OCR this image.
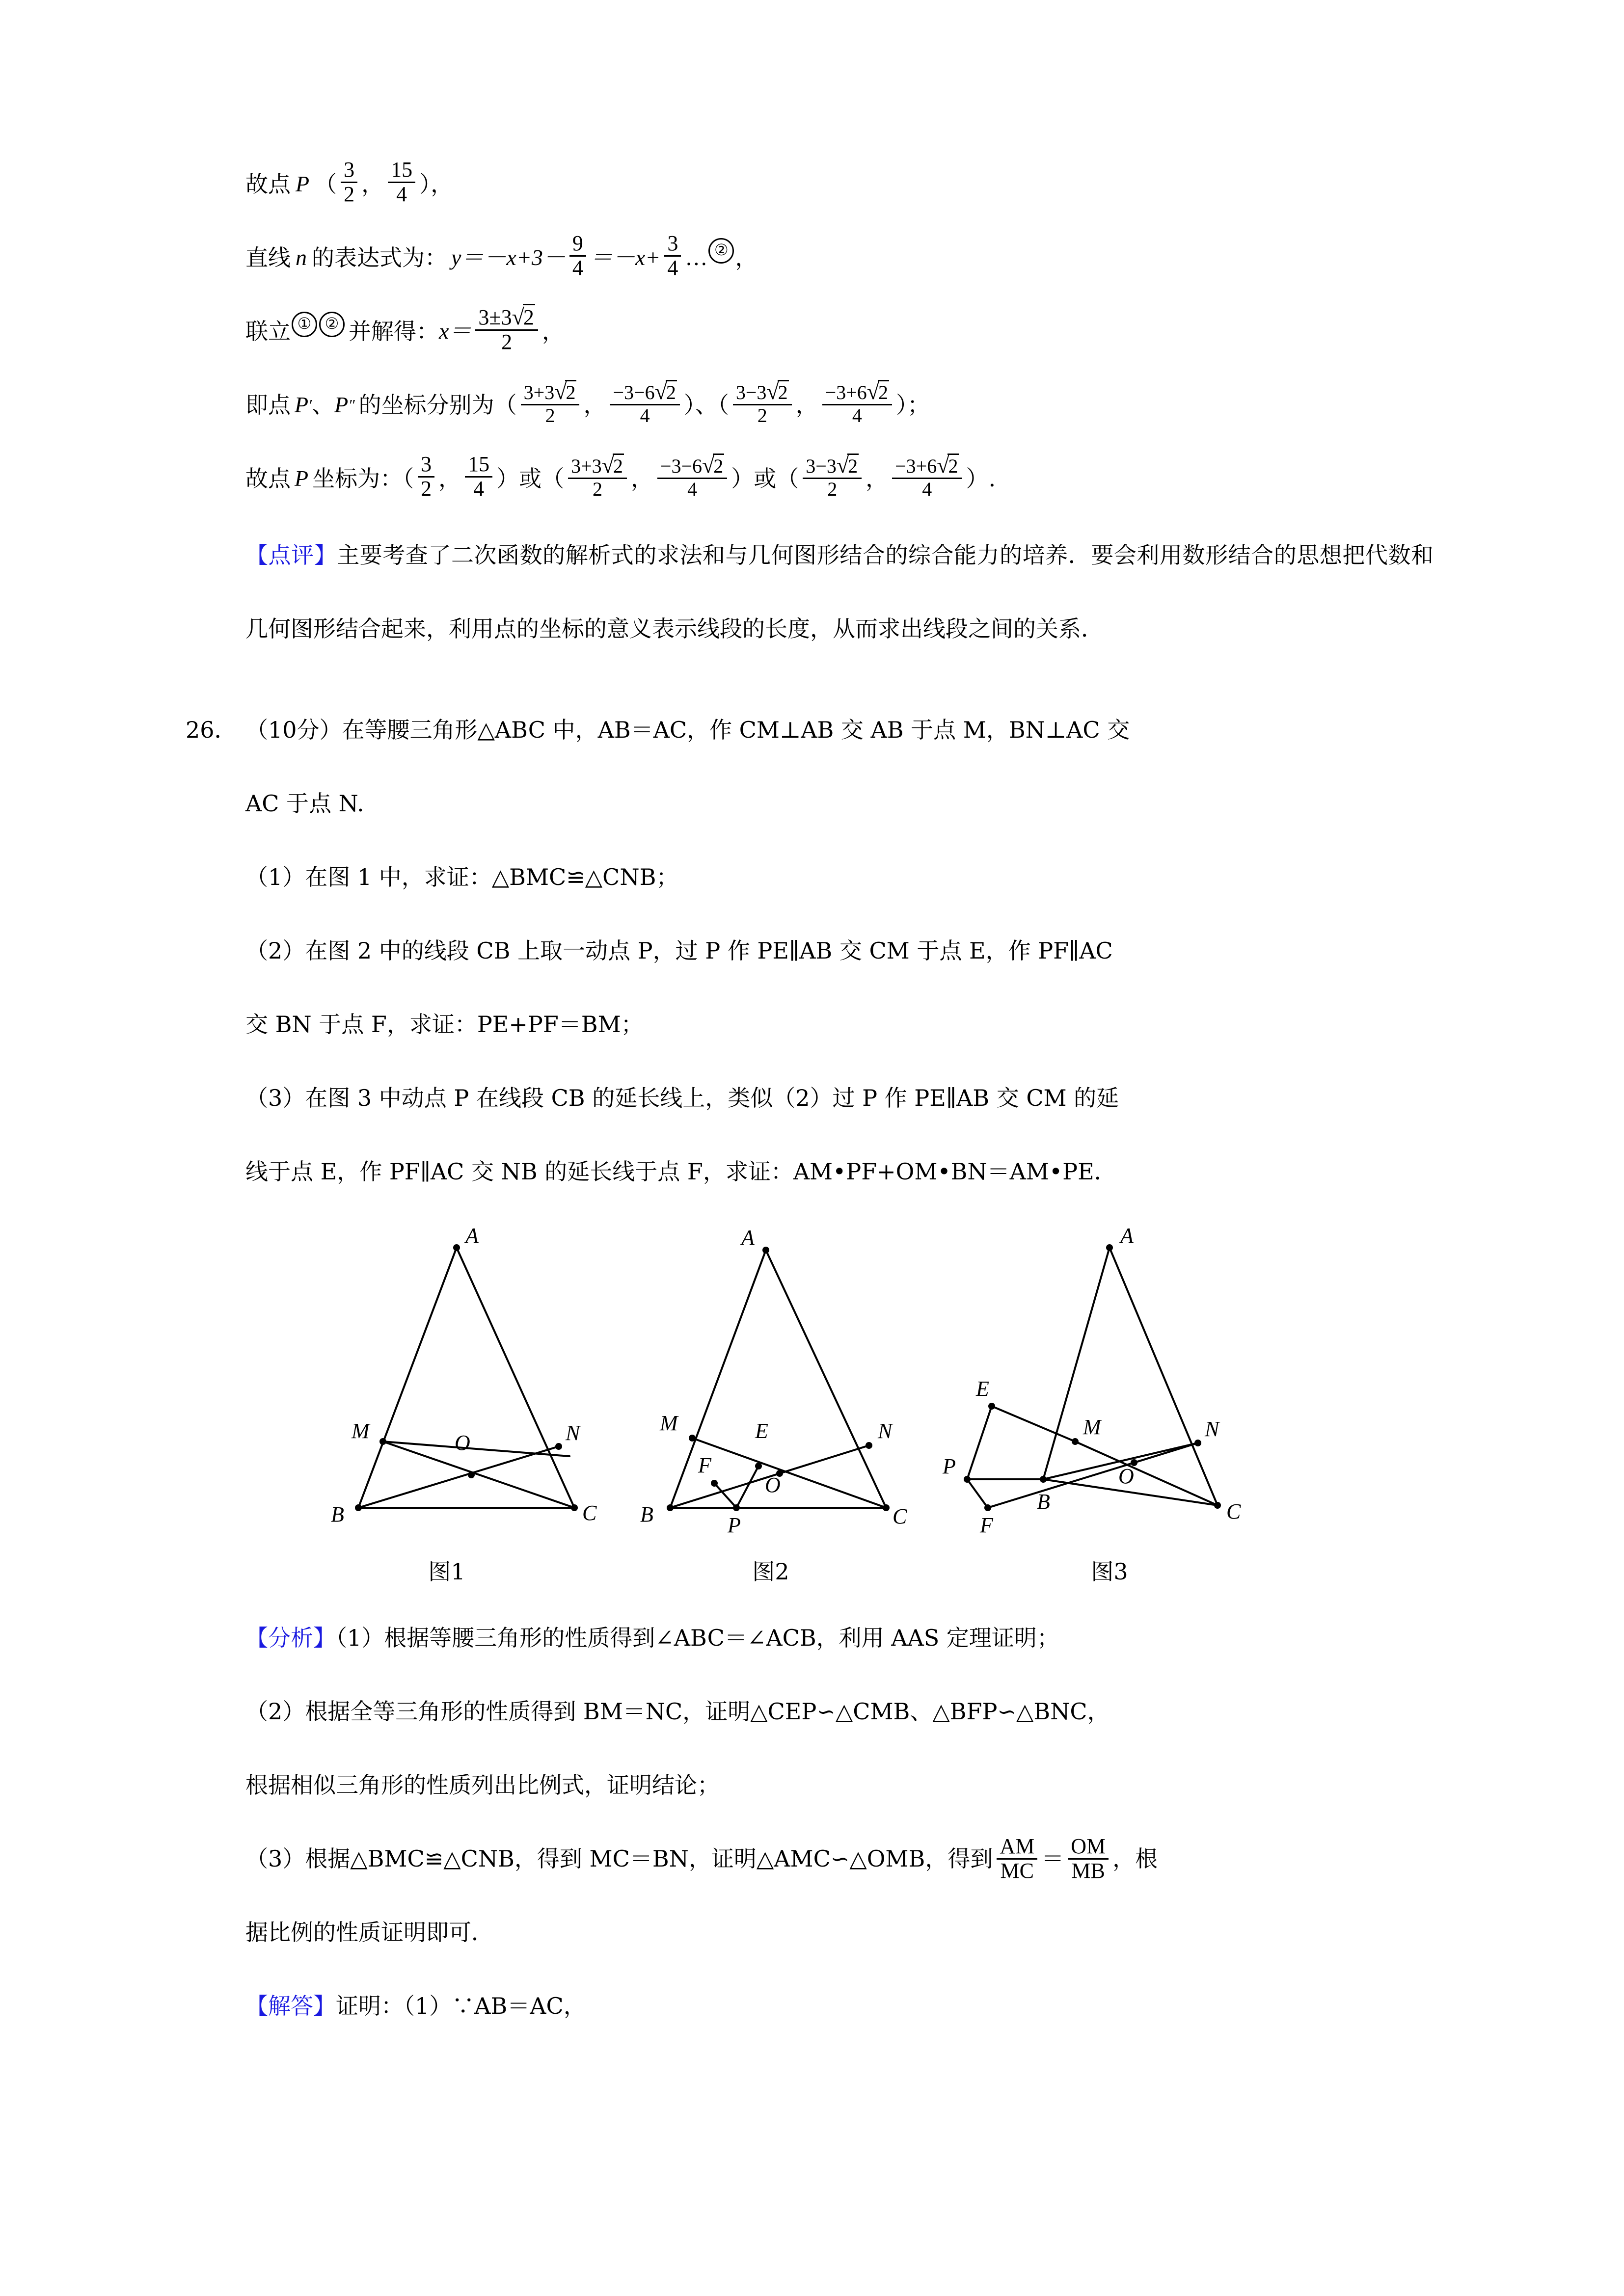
故点 P （ $\frac{3}{2}$ ， $\frac{15}{4}$ ），
直线 n 的表达式为： $y=-x+3- \frac{9}{4} =-x+ \frac{3}{4}$ … ② ，
联立 ① ② 并解得： $x= \frac{3\pm 3√2}{2}$ ，
即点 P ′ 、 P ″ 的坐标分别为（ $\frac{3+3√2}{2}$ ， $\frac{-3-6√2}{4}$ ）、（ $\frac{3-3√2}{2}$ ， $\frac{-3+6√2}{4}$ ）；
故点 P 坐标为：（ $\frac{3}{2}$ ， $\frac{15}{4}$ ）或（ $\frac{3+3√2}{2}$ ， $\frac{-3-6√2}{4}$ ）或（ $\frac{3-3√2}{2}$ ， $\frac{-3+6√2}{4}$ ）.
【点评】主要考查了二次函数的解析式的求法和与几何图形结合的综合能力的培养．要会利用数形结合的思想把代数和几何图形结合起来，利用点的坐标的意义表示线段的长度，从而求出线段之间的关系．
26． （10分）在等腰三角形△ABC 中，AB＝AC，作 CM⊥AB 交 AB 于点 M，BN⊥AC 交
AC 于点 N.
（1）在图 1 中，求证：△BMC≌△CNB；
（2）在图 2 中的线段 CB 上取一动点 P，过 P 作 PE∥AB 交 CM 于点 E，作 PF∥AC
交 BN 于点 F，求证：PE+PF＝BM；
（3）在图 3 中动点 P 在线段 CB 的延长线上，类似（2）过 P 作 PE∥AB 交 CM 的延
线于点 E，作 PF∥AC 交 NB 的延长线于点 F，求证：AM•PF+OM•BN＝AM•PE．
A
B	C
M	N
O
图1
A
B	C
M	N
O
E
F
P
图2
A
B	C
M	N
O
E
F
P
图3
【分析】（1）根据等腰三角形的性质得到∠ABC＝∠ACB，利用 AAS 定理证明；
（2）根据全等三角形的性质得到 BM＝NC，证明△CEP∽△CMB、△BFP∽△BNC，
根据相似三角形的性质列出比例式，证明结论；
（3）根据△BMC≌△CNB，得到 MC＝BN，证明△AMC∽△OMB，得到 $\frac{AM}{MC} = \frac{OM}{MB}$ ，根
据比例的性质证明即可．
【解答】证明：（1）∵AB＝AC，
